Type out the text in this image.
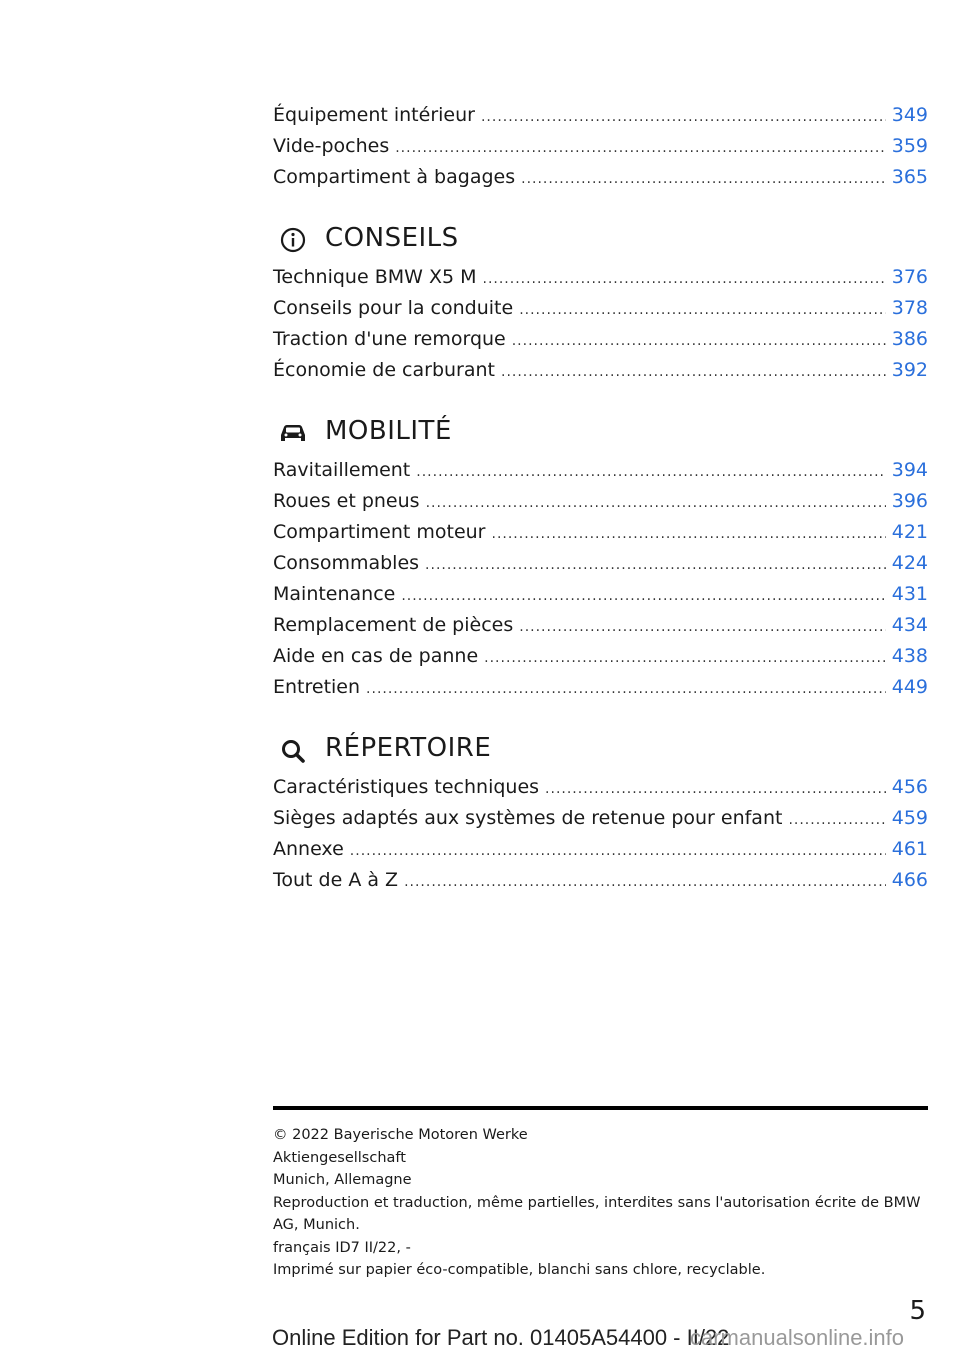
Équipement intérieur .....	349
Vide-poches .....	359
Compartiment à bagages .....	365
CONSEILS
Technique BMW X5 M .....	376
Conseils pour la conduite .....	378
Traction d'une remorque .....	386
Économie de carburant .....	392
MOBILITÉ
Ravitaillement .....	394
Roues et pneus .....	396
Compartiment moteur .....	421
Consommables .....	424
Maintenance .....	431
Remplacement de pièces .....	434
Aide en cas de panne .....	438
Entretien .....	449
RÉPERTOIRE
Caractéristiques techniques .....	456
Sièges adaptés aux systèmes de retenue pour enfant .....	459
Annexe .....	461
Tout de A à Z .....	466
© 2022 Bayerische Motoren Werke
Aktiengesellschaft
Munich, Allemagne
Reproduction et traduction, même partielles, interdites sans l'autorisation écrite de BMW AG, Munich.
français ID7 II/22, -
Imprimé sur papier éco-compatible, blanchi sans chlore, recyclable.
5
Online Edition for Part no. 01405A54400 - II/22
carmanualsonline.info
